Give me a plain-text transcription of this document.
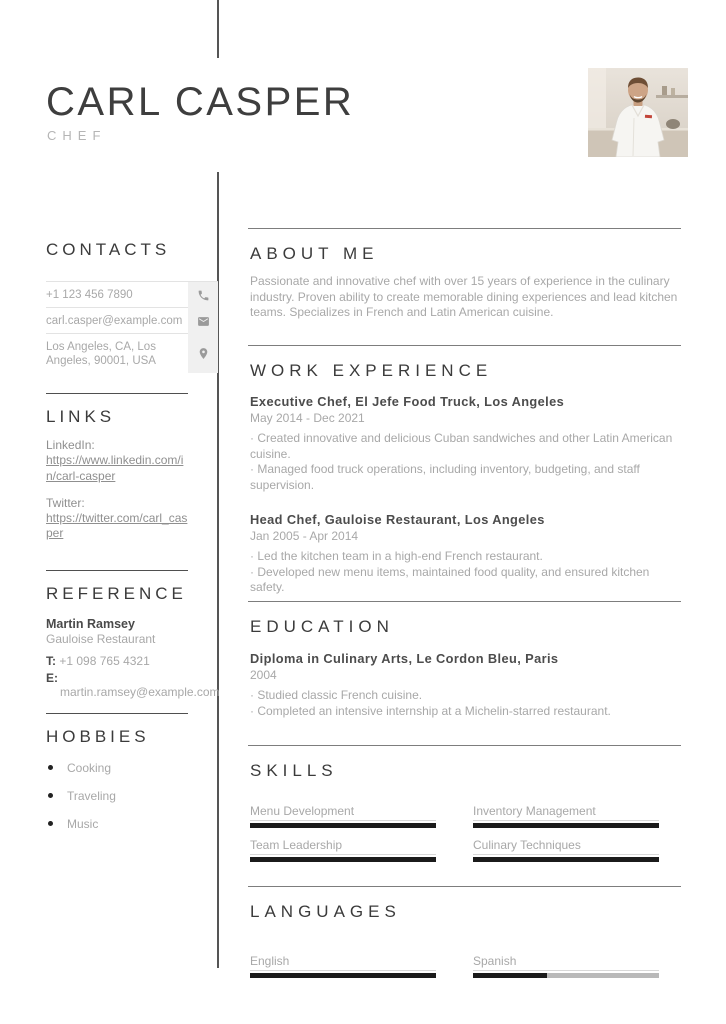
CARL CASPER
CHEF
CONTACTS
+1 123 456 7890
carl.casper@example.com
Los Angeles, CA, Los Angeles, 90001, USA
LINKS
LinkedIn:
https://www.linkedin.com/in/carl-casper
Twitter:
https://twitter.com/carl_casper
REFERENCE
Martin Ramsey
Gauloise Restaurant
T: +1 098 765 4321
E: martin.ramsey@example.com
HOBBIES
Cooking
Traveling
Music
ABOUT ME
Passionate and innovative chef with over 15 years of experience in the culinary industry. Proven ability to create memorable dining experiences and lead kitchen teams. Specializes in French and Latin American cuisine.
WORK EXPERIENCE
Executive Chef, El Jefe Food Truck, Los Angeles
May 2014 - Dec 2021
· Created innovative and delicious Cuban sandwiches and other Latin American cuisine.
· Managed food truck operations, including inventory, budgeting, and staff supervision.
Head Chef, Gauloise Restaurant, Los Angeles
Jan 2005 - Apr 2014
· Led the kitchen team in a high-end French restaurant.
· Developed new menu items, maintained food quality, and ensured kitchen safety.
EDUCATION
Diploma in Culinary Arts, Le Cordon Bleu, Paris
2004
· Studied classic French cuisine.
· Completed an intensive internship at a Michelin-starred restaurant.
SKILLS
Menu Development	Inventory Management
Team Leadership	Culinary Techniques
LANGUAGES
English	Spanish
